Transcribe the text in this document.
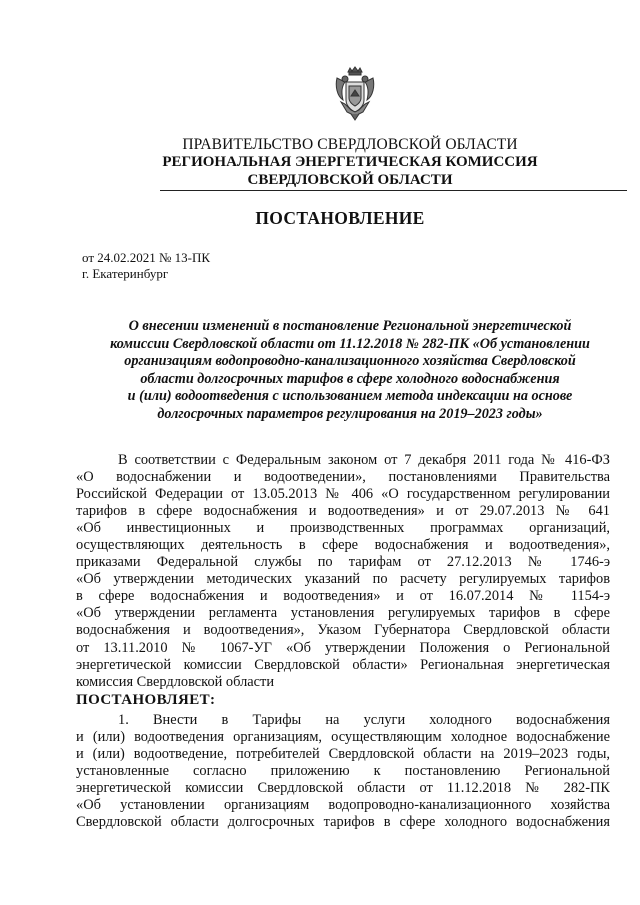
ПРАВИТЕЛЬСТВО СВЕРДЛОВСКОЙ ОБЛАСТИ
РЕГИОНАЛЬНАЯ ЭНЕРГЕТИЧЕСКАЯ КОМИССИЯ
СВЕРДЛОВСКОЙ ОБЛАСТИ
ПОСТАНОВЛЕНИЕ
от 24.02.2021 № 13-ПК
г. Екатеринбург
О внесении изменений в постановление Региональной энергетической
комиссии Свердловской области от 11.12.2018 № 282-ПК «Об установлении
организациям водопроводно-канализационного хозяйства Свердловской
области долгосрочных тарифов в сфере холодного водоснабжения
и (или) водоотведения с использованием метода индексации на основе
долгосрочных параметров регулирования на 2019–2023 годы»
В соответствии с Федеральным законом от 7 декабря 2011 года № 416-ФЗ
«О водоснабжении и водоотведении», постановлениями Правительства
Российской Федерации от 13.05.2013 № 406 «О государственном регулировании
тарифов в сфере водоснабжения и водоотведения» и от 29.07.2013 № 641
«Об инвестиционных и производственных программах организаций,
осуществляющих деятельность в сфере водоснабжения и водоотведения»,
приказами Федеральной службы по тарифам от 27.12.2013 № 1746-э
«Об утверждении методических указаний по расчету регулируемых тарифов
в сфере водоснабжения и водоотведения» и от 16.07.2014 № 1154-э
«Об утверждении регламента установления регулируемых тарифов в сфере
водоснабжения и водоотведения», Указом Губернатора Свердловской области
от 13.11.2010 № 1067-УГ «Об утверждении Положения о Региональной
энергетической комиссии Свердловской области» Региональная энергетическая
комиссия Свердловской области
ПОСТАНОВЛЯЕТ:
1. Внести в Тарифы на услуги холодного водоснабжения
и (или) водоотведения организациям, осуществляющим холодное водоснабжение
и (или) водоотведение, потребителей Свердловской области на 2019–2023 годы,
установленные согласно приложению к постановлению Региональной
энергетической комиссии Свердловской области от 11.12.2018 № 282-ПК
«Об установлении организациям водопроводно-канализационного хозяйства
Свердловской области долгосрочных тарифов в сфере холодного водоснабжения
